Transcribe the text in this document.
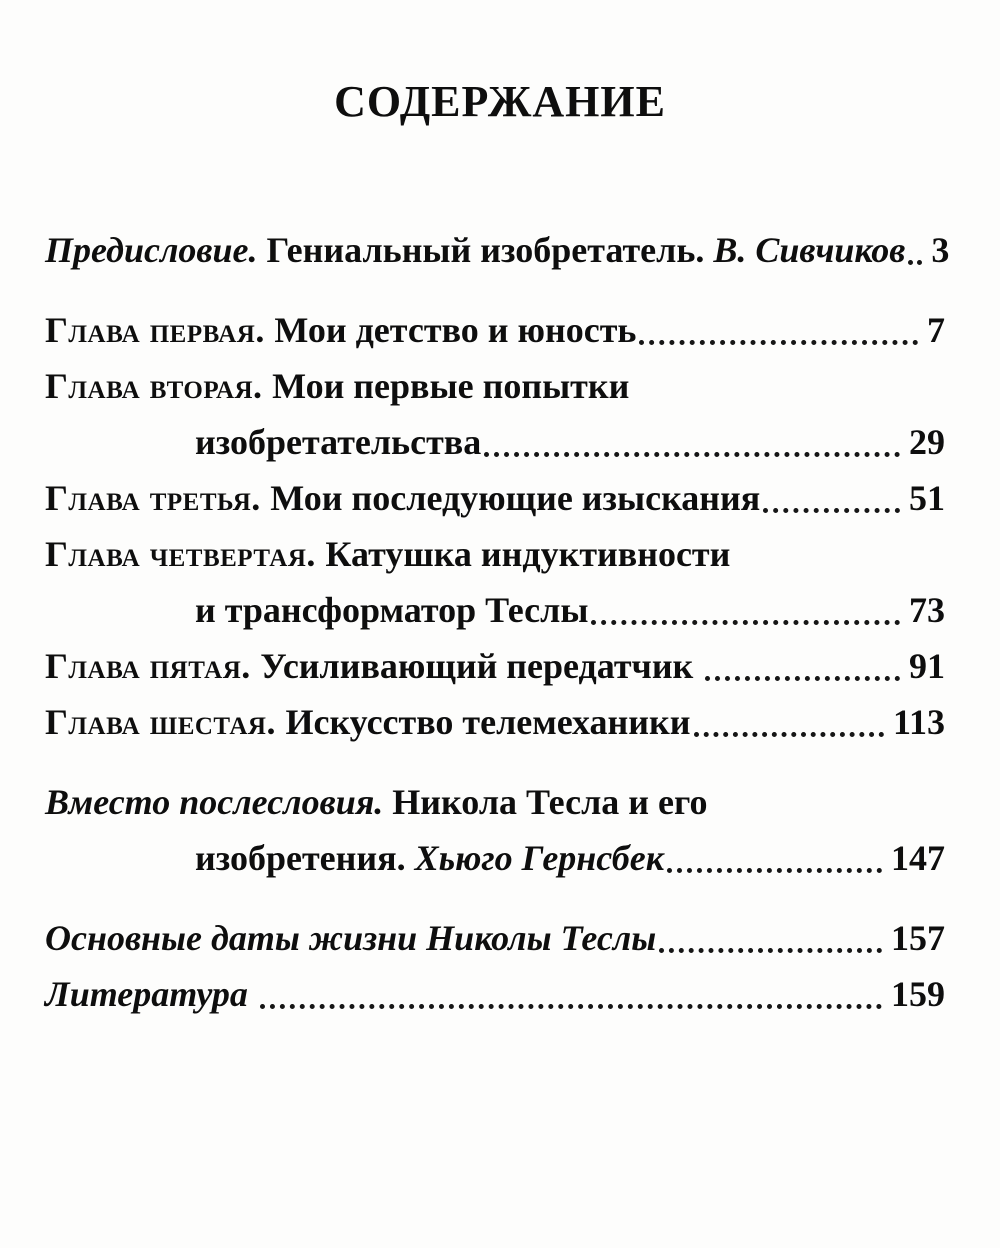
СОДЕРЖАНИЕ
Предисловие. Гениальный изобретатель. В. Сивчиков 3
Глава первая. Мои детство и юность	7
Глава вторая. Мои первые попытки
изобретательства	29
Глава третья. Мои последующие изыскания	51
Глава четвертая. Катушка индуктивности
и трансформатор Теслы	73
Глава пятая. Усиливающий передатчик	91
Глава шестая. Искусство телемеханики	113
Вместо послесловия. Никола Тесла и его
изобретения. Хьюго Гернсбек	147
Основные даты жизни Николы Теслы	157
Литература	159
